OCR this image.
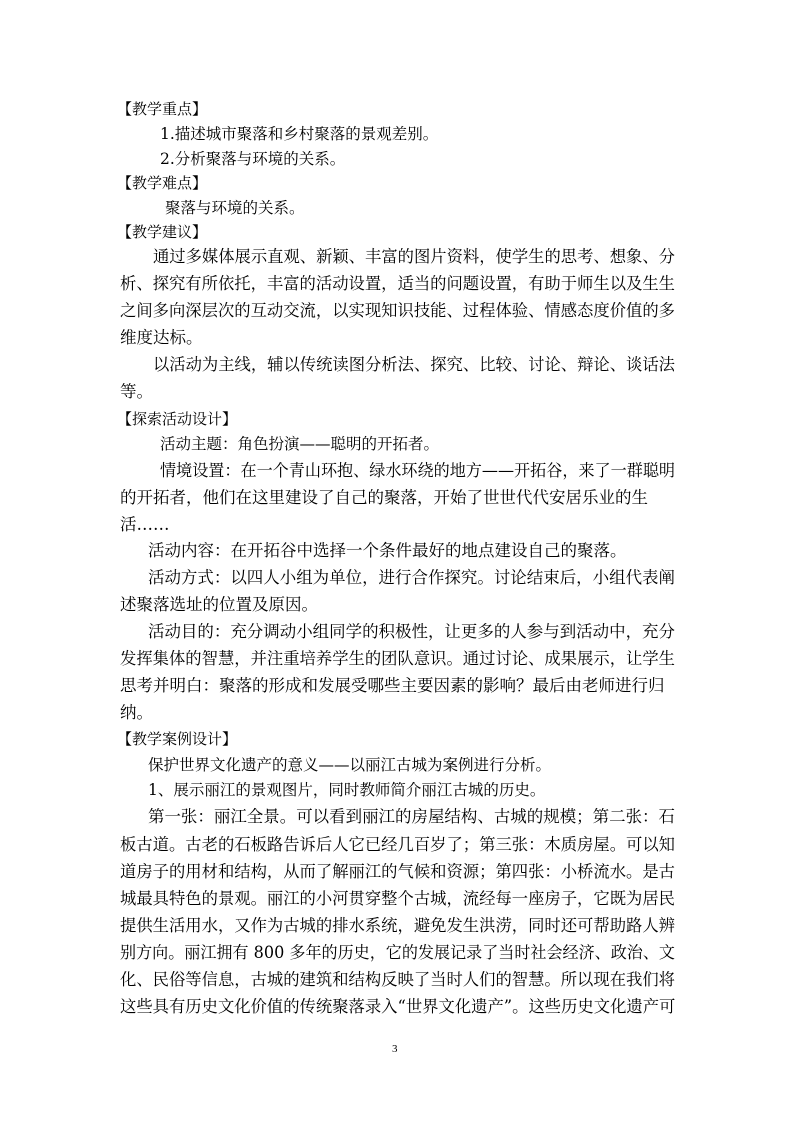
【教学重点】
1.描述城市聚落和乡村聚落的景观差别。
2.分析聚落与环境的关系。
【教学难点】
聚落与环境的关系。
【教学建议】
通过多媒体展示直观、新颖、丰富的图片资料，使学生的思考、想象、分
析、探究有所依托，丰富的活动设置，适当的问题设置，有助于师生以及生生
之间多向深层次的互动交流，以实现知识技能、过程体验、情感态度价值的多
维度达标。
以活动为主线，辅以传统读图分析法、探究、比较、讨论、辩论、谈话法
等。
【探索活动设计】
活动主题：角色扮演——聪明的开拓者。
情境设置：在一个青山环抱、绿水环绕的地方——开拓谷，来了一群聪明
的开拓者，他们在这里建设了自己的聚落，开始了世世代代安居乐业的生
活……
活动内容：在开拓谷中选择一个条件最好的地点建设自己的聚落。
活动方式：以四人小组为单位，进行合作探究。讨论结束后，小组代表阐
述聚落选址的位置及原因。
活动目的：充分调动小组同学的积极性，让更多的人参与到活动中，充分
发挥集体的智慧，并注重培养学生的团队意识。通过讨论、成果展示，让学生
思考并明白：聚落的形成和发展受哪些主要因素的影响？最后由老师进行归
纳。
【教学案例设计】
保护世界文化遗产的意义——以丽江古城为案例进行分析。
1、展示丽江的景观图片，同时教师简介丽江古城的历史。
第一张：丽江全景。可以看到丽江的房屋结构、古城的规模；第二张：石
板古道。古老的石板路告诉后人它已经几百岁了；第三张：木质房屋。可以知
道房子的用材和结构，从而了解丽江的气候和资源；第四张：小桥流水。是古
城最具特色的景观。丽江的小河贯穿整个古城，流经每一座房子，它既为居民
提供生活用水，又作为古城的排水系统，避免发生洪涝，同时还可帮助路人辨
别方向。丽江拥有 800 多年的历史，它的发展记录了当时社会经济、政治、文
化、民俗等信息，古城的建筑和结构反映了当时人们的智慧。所以现在我们将
这些具有历史文化价值的传统聚落录入“世界文化遗产”。这些历史文化遗产可
3
